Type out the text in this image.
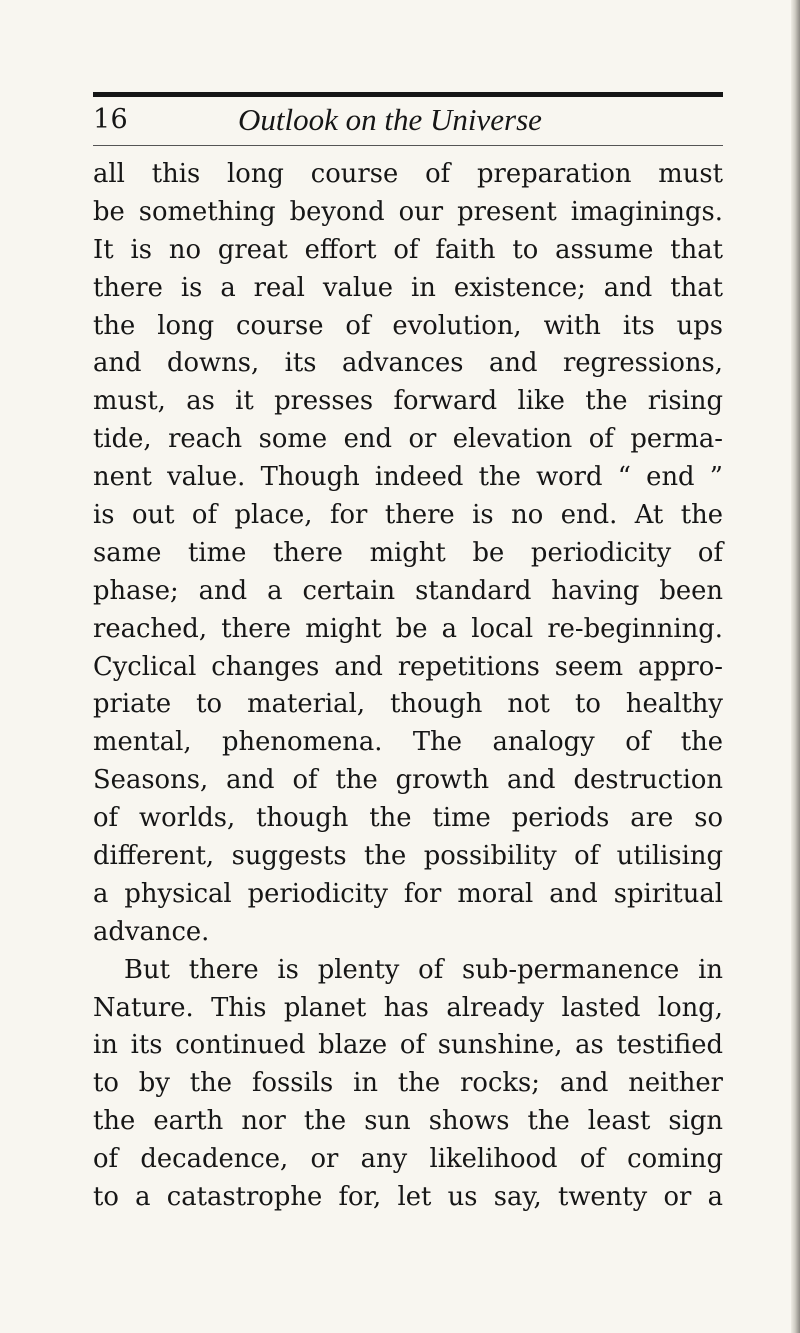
16	Outlook on the Universe
all this long course of preparation must
be something beyond our present imaginings.
It is no great effort of faith to assume that
there is a real value in existence; and that
the long course of evolution, with its ups
and downs, its advances and regressions,
must, as it presses forward like the rising
tide, reach some end or elevation of perma-
nent value. Though indeed the word “ end ”
is out of place, for there is no end. At the
same time there might be periodicity of
phase; and a certain standard having been
reached, there might be a local re-beginning.
Cyclical changes and repetitions seem appro-
priate to material, though not to healthy
mental, phenomena. The analogy of the
Seasons, and of the growth and destruction
of worlds, though the time periods are so
different, suggests the possibility of utilising
a physical periodicity for moral and spiritual
advance.
But there is plenty of sub-permanence in
Nature. This planet has already lasted long,
in its continued blaze of sunshine, as testified
to by the fossils in the rocks; and neither
the earth nor the sun shows the least sign
of decadence, or any likelihood of coming
to a catastrophe for, let us say, twenty or a
